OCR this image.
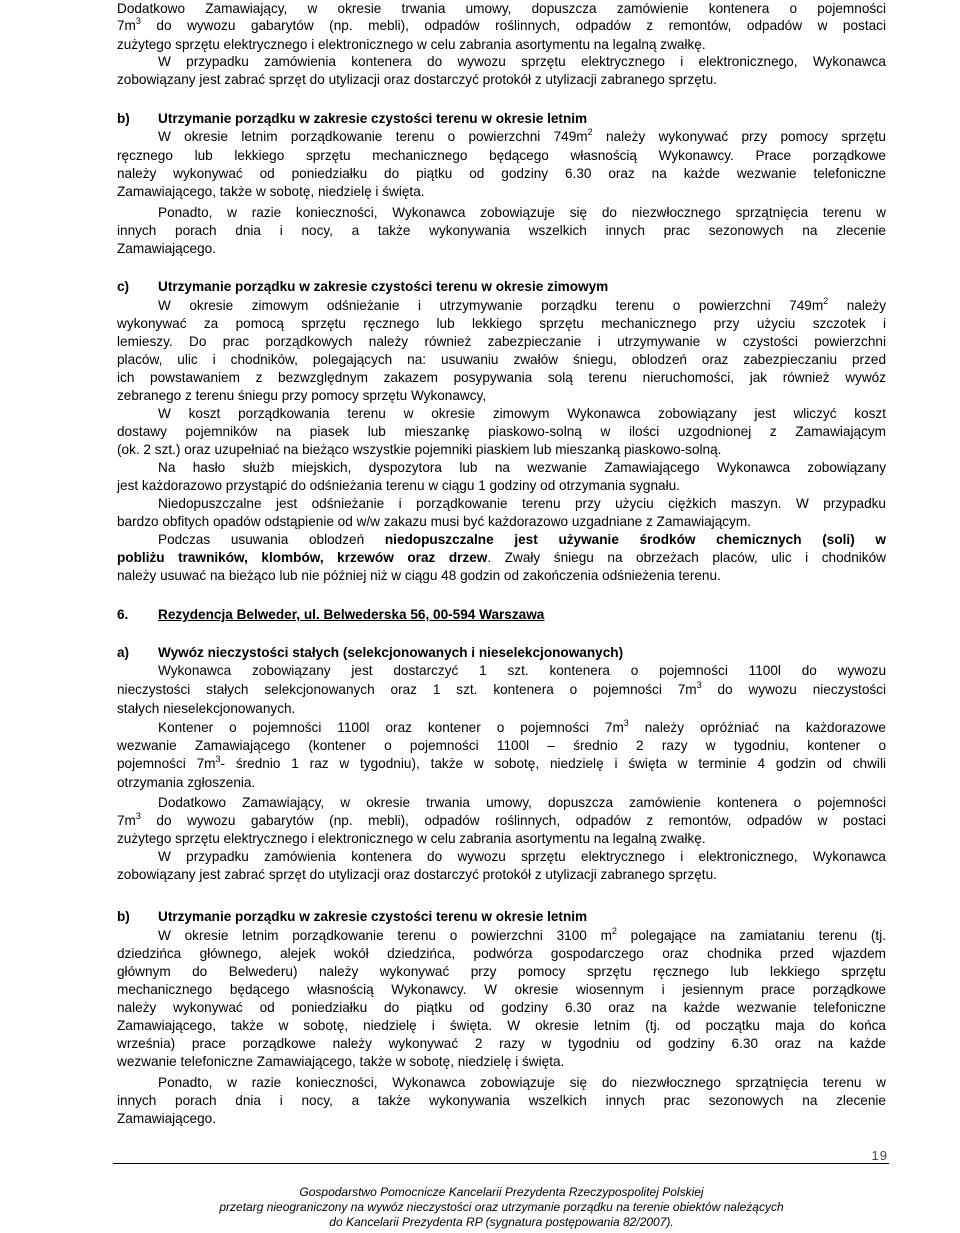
Dodatkowo Zamawiający, w okresie trwania umowy, dopuszcza zamówienie kontenera o pojemności
$7m^3$ do wywozu gabarytów (np. mebli), odpadów roślinnych, odpadów z remontów, odpadów w postaci
zużytego sprzętu elektrycznego i elektronicznego w celu zabrania asortymentu na legalną zwałkę.
W przypadku zamówienia kontenera do wywozu sprzętu elektrycznego i elektronicznego, Wykonawca
zobowiązany jest zabrać sprzęt do utylizacji oraz dostarczyć protokół z utylizacji zabranego sprzętu.
b) Utrzymanie porządku w zakresie czystości terenu w okresie letnim
W okresie letnim porządkowanie terenu o powierzchni $749m^2$ należy wykonywać przy pomocy sprzętu
ręcznego lub lekkiego sprzętu mechanicznego będącego własnością Wykonawcy. Prace porządkowe
należy wykonywać od poniedziałku do piątku od godziny 6.30 oraz na każde wezwanie telefoniczne
Zamawiającego, także w sobotę, niedzielę i święta.
Ponadto, w razie konieczności, Wykonawca zobowiązuje się do niezwłocznego sprzątnięcia terenu w
innych porach dnia i nocy, a także wykonywania wszelkich innych prac sezonowych na zlecenie
Zamawiającego.
c) Utrzymanie porządku w zakresie czystości terenu w okresie zimowym
W okresie zimowym odśnieżanie i utrzymywanie porządku terenu o powierzchni $749m^2$ należy
wykonywać za pomocą sprzętu ręcznego lub lekkiego sprzętu mechanicznego przy użyciu szczotek i
lemieszy. Do prac porządkowych należy również zabezpieczanie i utrzymywanie w czystości powierzchni
placów, ulic i chodników, polegających na: usuwaniu zwałów śniegu, oblodzeń oraz zabezpieczaniu przed
ich powstawaniem z bezwzględnym zakazem posypywania solą terenu nieruchomości, jak również wywóz
zebranego z terenu śniegu przy pomocy sprzętu Wykonawcy,
W koszt porządkowania terenu w okresie zimowym Wykonawca zobowiązany jest wliczyć koszt
dostawy pojemników na piasek lub mieszankę piaskowo-solną w ilości uzgodnionej z Zamawiającym
(ok. 2 szt.) oraz uzupełniać na bieżąco wszystkie pojemniki piaskiem lub mieszanką piaskowo-solną.
Na hasło służb miejskich, dyspozytora lub na wezwanie Zamawiającego Wykonawca zobowiązany
jest każdorazowo przystąpić do odśnieżania terenu w ciągu 1 godziny od otrzymania sygnału.
Niedopuszczalne jest odśnieżanie i porządkowanie terenu przy użyciu ciężkich maszyn. W przypadku
bardzo obfitych opadów odstąpienie od w/w zakazu musi być każdorazowo uzgadniane z Zamawiającym.
Podczas usuwania oblodzeń niedopuszczalne jest używanie środków chemicznych (soli) w
pobliżu trawników, klombów, krzewów oraz drzew. Zwały śniegu na obrzeżach placów, ulic i chodników
należy usuwać na bieżąco lub nie później niż w ciągu 48 godzin od zakończenia odśnieżenia terenu.
6. Rezydencja Belweder, ul. Belwederska 56, 00-594 Warszawa
a) Wywóz nieczystości stałych (selekcjonowanych i nieselekcjonowanych)
Wykonawca zobowiązany jest dostarczyć 1 szt. kontenera o pojemności 1100l do wywozu
nieczystości stałych selekcjonowanych oraz 1 szt. kontenera o pojemności $7m^3$ do wywozu nieczystości
stałych nieselekcjonowanych.
Kontener o pojemności 1100l oraz kontener o pojemności $7m^3$ należy opróżniać na każdorazowe
wezwanie Zamawiającego (kontener o pojemności 1100l – średnio 2 razy w tygodniu, kontener o
pojemności $7m^3-$ średnio 1 raz w tygodniu), także w sobotę, niedzielę i święta w terminie 4 godzin od chwili
otrzymania zgłoszenia.
Dodatkowo Zamawiający, w okresie trwania umowy, dopuszcza zamówienie kontenera o pojemności
$7m^3$ do wywozu gabarytów (np. mebli), odpadów roślinnych, odpadów z remontów, odpadów w postaci
zużytego sprzętu elektrycznego i elektronicznego w celu zabrania asortymentu na legalną zwałkę.
W przypadku zamówienia kontenera do wywozu sprzętu elektrycznego i elektronicznego, Wykonawca
zobowiązany jest zabrać sprzęt do utylizacji oraz dostarczyć protokół z utylizacji zabranego sprzętu.
b) Utrzymanie porządku w zakresie czystości terenu w okresie letnim
W okresie letnim porządkowanie terenu o powierzchni 3100 $m^2$ polegające na zamiataniu terenu (tj.
dziedzińca głównego, alejek wokół dziedzińca, podwórza gospodarczego oraz chodnika przed wjazdem
głównym do Belwederu) należy wykonywać przy pomocy sprzętu ręcznego lub lekkiego sprzętu
mechanicznego będącego własnością Wykonawcy. W okresie wiosennym i jesiennym prace porządkowe
należy wykonywać od poniedziałku do piątku od godziny 6.30 oraz na każde wezwanie telefoniczne
Zamawiającego, także w sobotę, niedzielę i święta. W okresie letnim (tj. od początku maja do końca
września) prace porządkowe należy wykonywać 2 razy w tygodniu od godziny 6.30 oraz na każde
wezwanie telefoniczne Zamawiającego, także w sobotę, niedzielę i święta.
Ponadto, w razie konieczności, Wykonawca zobowiązuje się do niezwłocznego sprzątnięcia terenu w
innych porach dnia i nocy, a także wykonywania wszelkich innych prac sezonowych na zlecenie
Zamawiającego.
19
Gospodarstwo Pomocnicze Kancelarii Prezydenta Rzeczypospolitej Polskiej
przetarg nieograniczony na wywóz nieczystości oraz utrzymanie porządku na terenie obiektów należących
do Kancelarii Prezydenta RP (sygnatura postępowania 82/2007).
